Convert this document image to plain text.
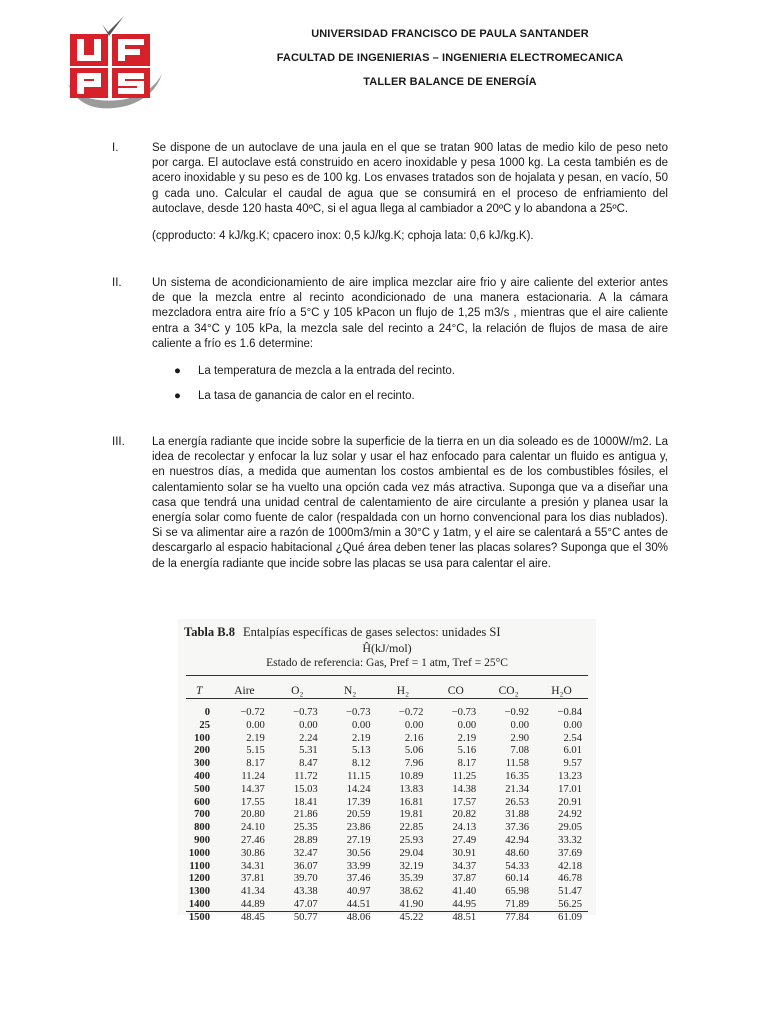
UNIVERSIDAD FRANCISCO DE PAULA SANTANDER
FACULTAD DE INGENIERIAS – INGENIERIA ELECTROMECANICA
TALLER BALANCE DE ENERGÍA
I.	Se dispone de un autoclave de una jaula en el que se tratan 900 latas de medio kilo de peso neto por carga. El autoclave está construido en acero inoxidable y pesa 1000 kg. La cesta también es de acero inoxidable y su peso es de 100 kg. Los envases tratados son de hojalata y pesan, en vacío, 50 g cada uno. Calcular el caudal de agua que se consumirá en el proceso de enfriamiento del autoclave, desde 120 hasta 40ºC, si el agua llega al cambiador a 20ºC y lo abandona a 25ºC.

(cpproducto: 4 kJ/kg.K; cpacero inox: 0,5 kJ/kg.K; cphoja lata: 0,6 kJ/kg.K).

II.	Un sistema de acondicionamiento de aire implica mezclar aire frio y aire caliente del exterior antes de que la mezcla entre al recinto acondicionado de una manera estacionaria. A la cámara mezcladora entra aire frío a 5°C y 105 kPacon un flujo de 1,25 m3/s , mientras que el aire caliente entra a 34°C y 105 kPa, la mezcla sale del recinto a 24°C, la relación de flujos de masa de aire caliente a frío es 1.6 determine:

● La temperatura de mezcla a la entrada del recinto.
● La tasa de ganancia de calor en el recinto.
III.	La energía radiante que incide sobre la superficie de la tierra en un dia soleado es de 1000W/m2. La idea de recolectar y enfocar la luz solar y usar el haz enfocado para calentar un fluido es antigua y, en nuestros días, a medida que aumentan los costos ambiental es de los combustibles fósiles, el calentamiento solar se ha vuelto una opción cada vez más atractiva. Suponga que va a diseñar una casa que tendrá una unidad central de calentamiento de aire circulante a presión y planea usar la energía solar como fuente de calor (respaldada con un horno convencional para los dias nublados). Si se va alimentar aire a razón de 1000m3/min a 30°C y 1atm, y el aire se calentará a 55°C antes de descargarlo al espacio habitacional ¿Qué área deben tener las placas solares? Suponga que el 30% de la energía radiante que incide sobre las placas se usa para calentar el aire.

Tabla B.8 Entalpías específicas de gases selectos: unidades SI
Ĥ(kJ/mol)
Estado de referencia: Gas, Pref = 1 atm, Tref = 25°C
T	Aire	O₂	N₂	H₂	CO	CO₂	H₂O

0	−0.72	−0.73	−0.73	−0.72	−0.73	−0.92	−0.84
25	0.00	0.00	0.00	0.00	0.00	0.00	0.00
100	2.19	2.24	2.19	2.16	2.19	2.90	2.54
200	5.15	5.31	5.13	5.06	5.16	7.08	6.01
300	8.17	8.47	8.12	7.96	8.17	11.58	9.57
400	11.24	11.72	11.15	10.89	11.25	16.35	13.23
500	14.37	15.03	14.24	13.83	14.38	21.34	17.01
600	17.55	18.41	17.39	16.81	17.57	26.53	20.91
700	20.80	21.86	20.59	19.81	20.82	31.88	24.92
800	24.10	25.35	23.86	22.85	24.13	37.36	29.05
900	27.46	28.89	27.19	25.93	27.49	42.94	33.32
1000	30.86	32.47	30.56	29.04	30.91	48.60	37.69
1100	34.31	36.07	33.99	32.19	34.37	54.33	42.18
1200	37.81	39.70	37.46	35.39	37.87	60.14	46.78
1300	41.34	43.38	40.97	38.62	41.40	65.98	51.47
1400	44.89	47.07	44.51	41.90	44.95	71.89	56.25
1500	48.45	50.77	48.06	45.22	48.51	77.84	61.09
